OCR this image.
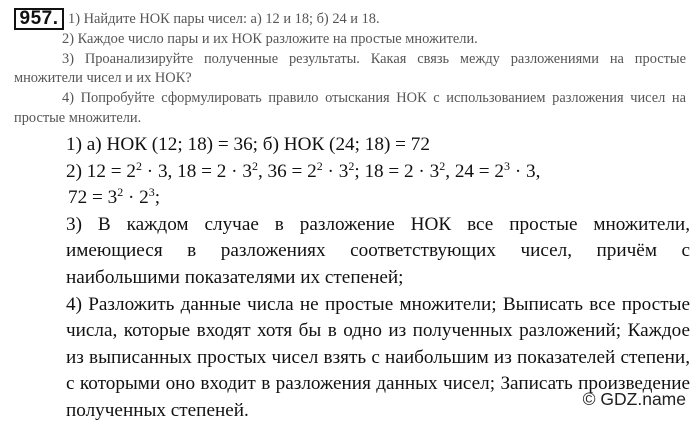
957. 1) Найдите НОК пары чисел: а) 12 и 18; б) 24 и 18.

2) Каждое число пары и их НОК разложите на простые множители.

3) Проанализируйте полученные результаты. Какая связь между разложениями на простые множители чисел и их НОК?

4) Попробуйте сформулировать правило отыскания НОК с использованием разложения чисел на простые множители.

1) а) НОК (12; 18) = 36; б) НОК (24; 18) = 72

2) $12 = 2^2 \cdot 3$, $18 = 2 \cdot 3^2$, $36 = 2^2 \cdot 3^2$; $18 = 2 \cdot 3^2$, $24 = 2^3 \cdot 3$,

$72 = 3^2 \cdot 2^3$;

3) В каждом случае в разложение НОК все простые множители, имеющиеся в разложениях соответствующих чисел, причём с наибольшими показателями их степеней;

4) Разложить данные числа не простые множители; Выписать все простые числа, которые входят хотя бы в одно из полученных разложений; Каждое из выписанных простых чисел взять с наибольшим из показателей степени, с которыми оно входит в разложения данных чисел; Записать произведение полученных степеней.

© GDZ.name
